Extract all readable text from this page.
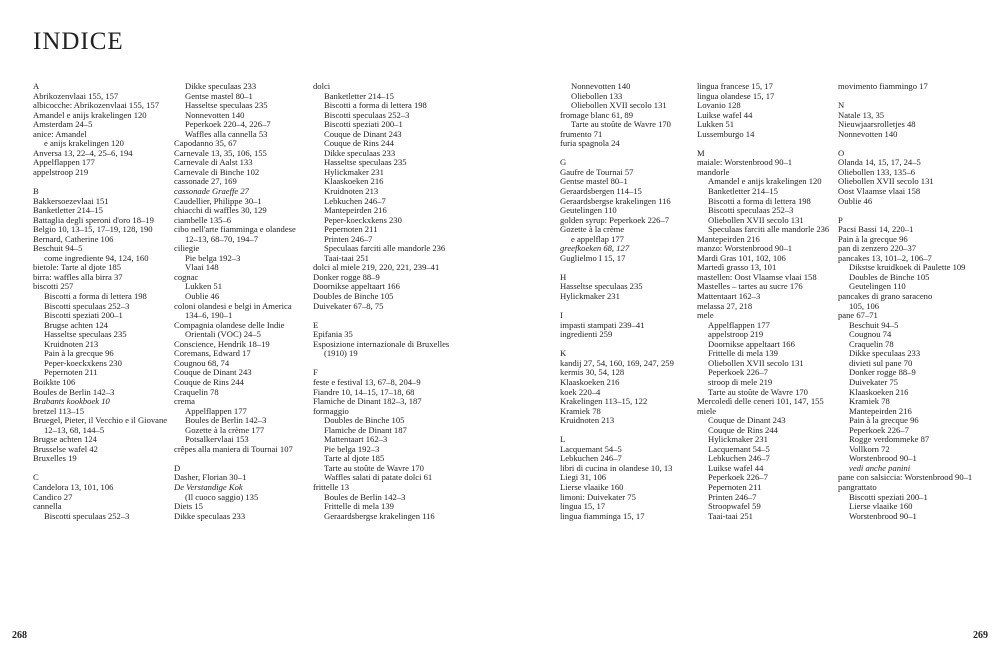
INDICE
A
Abrikozenvlaai 155, 157
albicocche: Abrikozenvlaai 155, 157
Amandel e anijs krakelingen 120
Amsterdam 24–5
anice: Amandel
e anijs krakelingen 120
Anversa 13, 22–4, 25–6, 194
Appelflappen 177
appelstroop 219
B
Bakkersoezevlaai 151
Banketletter 214–15
Battaglia degli speroni d'oro 18–19
Belgio 10, 13–15, 17–19, 128, 190
Bernard, Catherine 106
Beschuit 94–5
come ingrediente 94, 124, 160
bietole: Tarte al djote 185
birra: waffles alla birra 37
biscotti 257
Biscotti a forma di lettera 198
Biscotti speculaas 252–3
Biscotti speziati 200–1
Brugse achten 124
Hasseltse speculaas 235
Kruidnoten 213
Pain à la grecque 96
Peper-koeckxkens 230
Pepernoten 211
Boikkte 106
Boules de Berlin 142–3
Brabants kookboek 10
bretzel 113–15
Bruegel, Pieter, il Vecchio e il Giovane
12–13, 68, 144–5
Brugse achten 124
Brusselse wafel 42
Bruxelles 19
C
Candelora 13, 101, 106
Candico 27
cannella
Biscotti speculaas 252–3
Dikke speculaas 233
Gentse mastel 80–1
Hasseltse speculaas 235
Nonnevotten 140
Peperkoek 220–4, 226–7
Waffles alla cannella 53
Capodanno 35, 67
Carnevale 13, 35, 106, 155
Carnevale di Aalst 133
Carnevale di Binche 102
cassonade 27, 169
cassonade Graeffe 27
Caudellier, Philippe 30–1
chiacchi di waffles 30, 129
ciambelle 135–6
cibo nell'arte fiamminga e olandese
12–13, 68–70, 194–7
ciliegie
Pie belga 192–3
Vlaai 148
cognac
Lukken 51
Oublie 46
coloni olandesi e belgi in America
134–6, 190–1
Compagnia olandese delle Indie
Orientali (VOC) 24–5
Conscience, Hendrik 18–19
Coremans, Edward 17
Cougnou 68, 74
Couque de Dinant 243
Couque de Rins 244
Craquelin 78
crema
Appelflappen 177
Boules de Berlin 142–3
Gozette à la crème 177
Potsalkervlaai 153
crêpes alla maniera di Tournai 107
D
Dasher, Florian 30–1
De Verstandige Kok
(Il cuoco saggio) 135
Diets 15
Dikke speculaas 233
dolci
Banketletter 214–15
Biscotti a forma di lettera 198
Biscotti speculaas 252–3
Biscotti speziati 200–1
Couque de Dinant 243
Couque de Rins 244
Dikke speculaas 233
Hasseltse speculaas 235
Hylickmaker 231
Klaaskoeken 216
Kruidnoten 213
Lebkuchen 246–7
Mantepeirden 216
Peper-koeckxkens 230
Pepernoten 211
Printen 246–7
Speculaas farciti alle mandorle 236
Taai-taai 251
dolci al miele 219, 220, 221, 239–41
Donker rogge 88–9
Doornikse appeltaart 166
Doubles de Binche 105
Duivekater 67–8, 75
E
Epifania 35
Esposizione internazionale di Bruxelles
(1910) 19
F
feste e festival 13, 67–8, 204–9
Fiandre 10, 14–15, 17–18, 68
Flamiche de Dinant 182–3, 187
formaggio
Doubles de Binche 105
Flamiche de Dinant 187
Mattentaart 162–3
Pie belga 192–3
Tarte al djote 185
Tarte au stoûte de Wavre 170
Waffles salati di patate dolci 61
frittelle 13
Boules de Berlin 142–3
Frittelle di mela 139
Geraardsbergse krakelingen 116
Nonnevotten 140
Oliebollen 133
Oliebollen XVII secolo 131
fromage blanc 61, 89
Tarte au stoûte de Wavre 170
frumento 71
furia spagnola 24
G
Gaufre de Tournai 57
Gentse mastel 80–1
Geraardsbergen 114–15
Geraardsbergse krakelingen 116
Geutelingen 110
golden syrup: Peperkoek 226–7
Gozette à la crème
e appelflap 177
greefkoeken 68, 127
Guglielmo I 15, 17
H
Hasseltse speculaas 235
Hylickmaker 231
I
impasti stampati 239–41
ingredienti 259
K
kandij 27, 54, 160, 169, 247, 259
kermis 30, 54, 128
Klaaskoeken 216
koek 220–4
Krakelingen 113–15, 122
Kramiek 78
Kruidnoten 213
L
Lacquemant 54–5
Lebkuchen 246–7
libri di cucina in olandese 10, 13
Liegi 31, 106
Lierse vlaaike 160
limoni: Duivekater 75
lingua 15, 17
lingua fiamminga 15, 17
lingua francese 15, 17
lingua olandese 15, 17
Lovanio 128
Luikse wafel 44
Lukken 51
Lussemburgo 14
M
maiale: Worstenbrood 90–1
mandorle
Amandel e anijs krakelingen 120
Banketletter 214–15
Biscotti a forma di lettera 198
Biscotti speculaas 252–3
Oliebollen XVII secolo 131
Speculaas farciti alle mandorle 236
Mantepeirden 216
manzo: Worstenbrood 90–1
Mardi Gras 101, 102, 106
Martedì grasso 13, 101
mastellen: Oost Vlaamse vlaai 158
Mastelles – tartes au sucre 176
Mattentaart 162–3
melassa 27, 218
mele
Appelflappen 177
appelstroop 219
Doornikse appeltaart 166
Frittelle di mela 139
Oliebollen XVII secolo 131
Peperkoek 226–7
stroop di mele 219
Tarte au stoûte de Wavre 170
Mercoledì delle ceneri 101, 147, 155
miele
Couque de Dinant 243
Couque de Rins 244
Hylickmaker 231
Lacquemant 54–5
Lebkuchen 246–7
Luikse wafel 44
Peperkoek 226–7
Pepernoten 211
Printen 246–7
Stroopwafel 59
Taai-taai 251
movimento fiammingo 17
N
Natale 13, 35
Nieuwjaarsrolletjes 48
Nonnevotten 140
O
Olanda 14, 15, 17, 24–5
Oliebollen 133, 135–6
Oliebollen XVII secolo 131
Oost Vlaamse vlaai 158
Oublie 46
P
Pacsi Bassi 14, 220–1
Pain à la grecque 96
pan di zenzero 220–37
pancakes 13, 101–2, 106–7
Dikstse kruidkoek di Paulette 109
Doubles de Binche 105
Geutelingen 110
pancakes di grano saraceno
105, 106
pane 67–71
Beschuit 94–5
Cougnou 74
Craquelin 78
Dikke speculaas 233
divieti sul pane 70
Donker rogge 88–9
Duivekater 75
Klaaskoeken 216
Kramiek 78
Mantepeirden 216
Pain à la grecque 96
Peperkoek 226–7
Rogge verdommeke 87
Vollkorn 72
Worstenbrood 90–1
vedi anche panini
pane con salsiccia: Worstenbrood 90–1
pangrattato
Biscotti speziati 200–1
Lierse vlaaike 160
Worstenbrood 90–1
268	269
